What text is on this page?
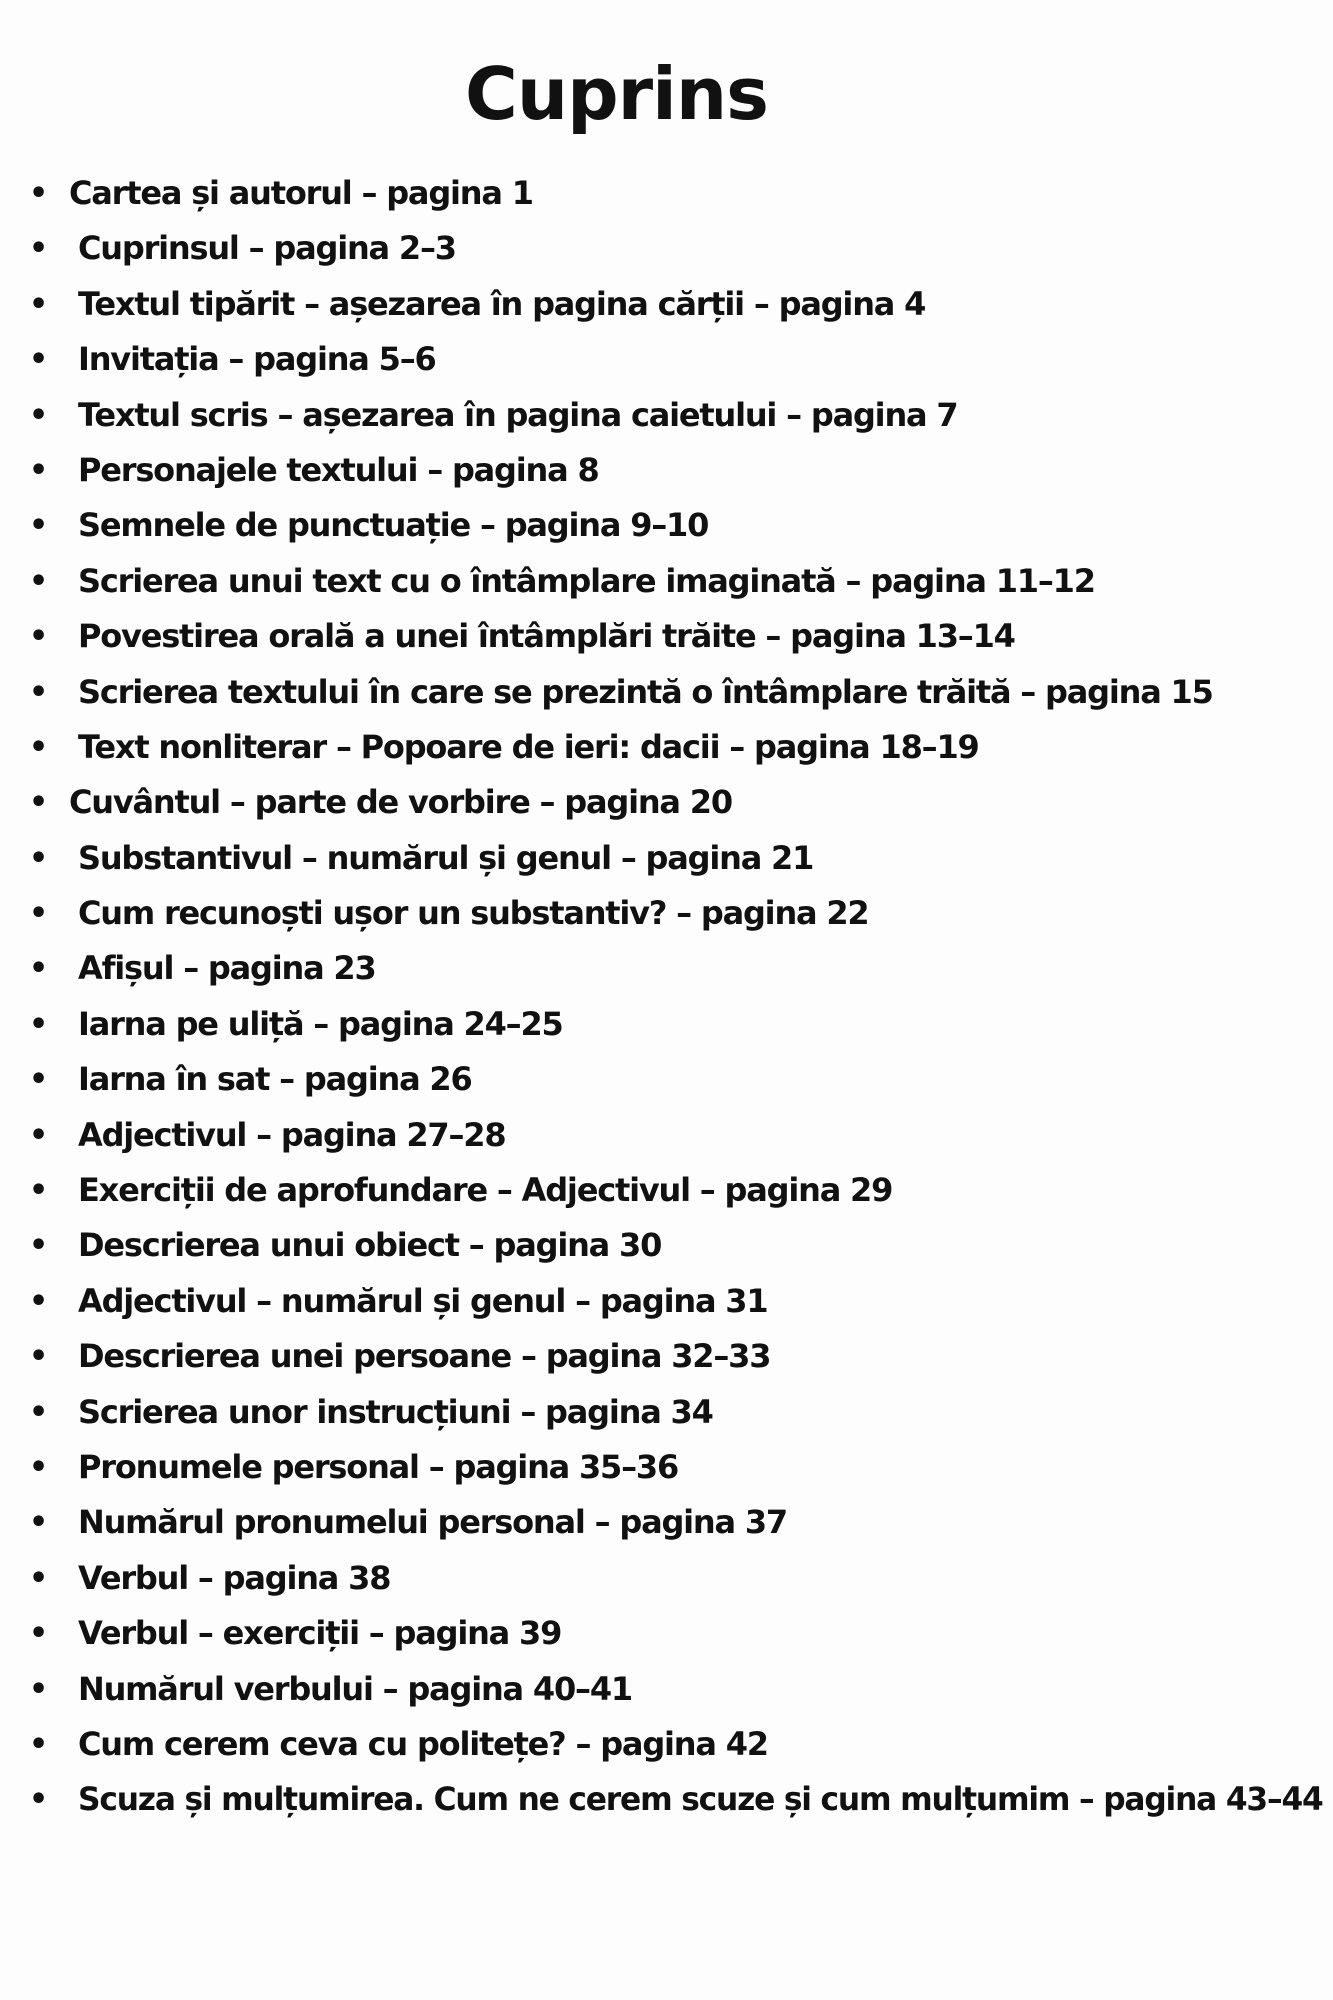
Cuprins
• Cartea și autorul – pagina 1
• Cuprinsul – pagina 2–3
• Textul tipărit – așezarea în pagina cărții – pagina 4
• Invitația – pagina 5–6
• Textul scris – așezarea în pagina caietului – pagina 7
• Personajele textului – pagina 8
• Semnele de punctuație – pagina 9–10
• Scrierea unui text cu o întâmplare imaginată – pagina 11–12
• Povestirea orală a unei întâmplări trăite – pagina 13–14
• Scrierea textului în care se prezintă o întâmplare trăită – pagina 15
• Text nonliterar – Popoare de ieri: dacii – pagina 18–19
• Cuvântul – parte de vorbire – pagina 20
• Substantivul – numărul și genul – pagina 21
• Cum recunoști ușor un substantiv? – pagina 22
• Afișul – pagina 23
• Iarna pe uliță – pagina 24–25
• Iarna în sat – pagina 26
• Adjectivul – pagina 27–28
• Exerciții de aprofundare – Adjectivul – pagina 29
• Descrierea unui obiect – pagina 30
• Adjectivul – numărul și genul – pagina 31
• Descrierea unei persoane – pagina 32–33
• Scrierea unor instrucțiuni – pagina 34
• Pronumele personal – pagina 35–36
• Numărul pronumelui personal – pagina 37
• Verbul – pagina 38
• Verbul – exerciții – pagina 39
• Numărul verbului – pagina 40–41
• Cum cerem ceva cu politețe? – pagina 42
• Scuza și mulțumirea. Cum ne cerem scuze și cum mulțumim – pagina 43–44
